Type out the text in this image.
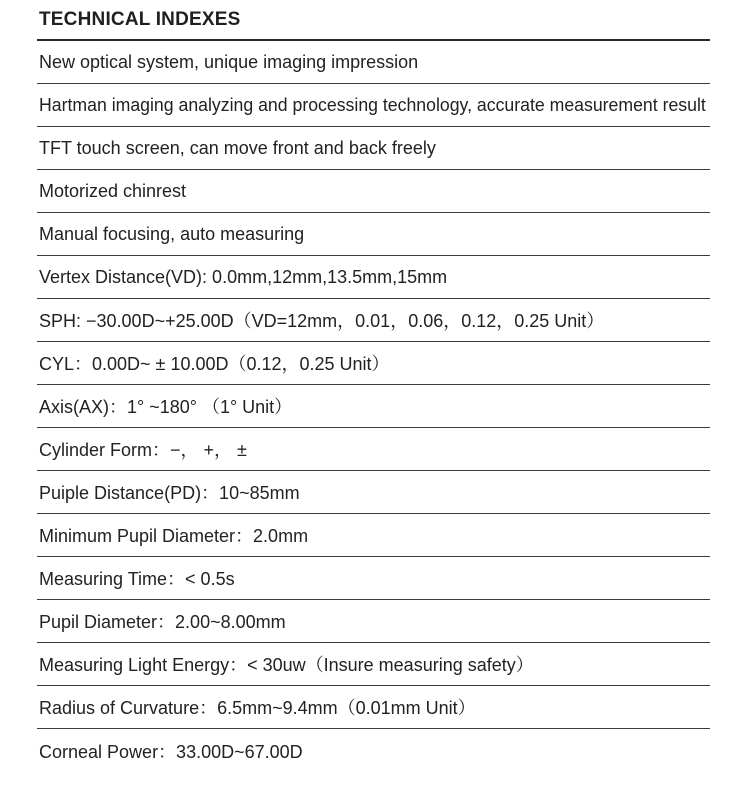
TECHNICAL INDEXES
New optical system, unique imaging impression
Hartman imaging analyzing and processing technology, accurate measurement result
TFT touch screen, can move front and back freely
Motorized chinrest
Manual focusing, auto measuring
Vertex Distance(VD): 0.0mm,12mm,13.5mm,15mm
SPH: −30.00D~+25.00D（VD=12mm，0.01，0.06，0.12，0.25 Unit）
CYL：0.00D~ ± 10.00D（0.12，0.25 Unit）
Axis(AX)：1° ~180° （1° Unit）
Cylinder Form：−， +， ±
Puiple Distance(PD)：10~85mm
Minimum Pupil Diameter：2.0mm
Measuring Time：< 0.5s
Pupil Diameter：2.00~8.00mm
Measuring Light Energy：< 30uw（Insure measuring safety）
Radius of Curvature：6.5mm~9.4mm（0.01mm Unit）
Corneal Power：33.00D~67.00D
